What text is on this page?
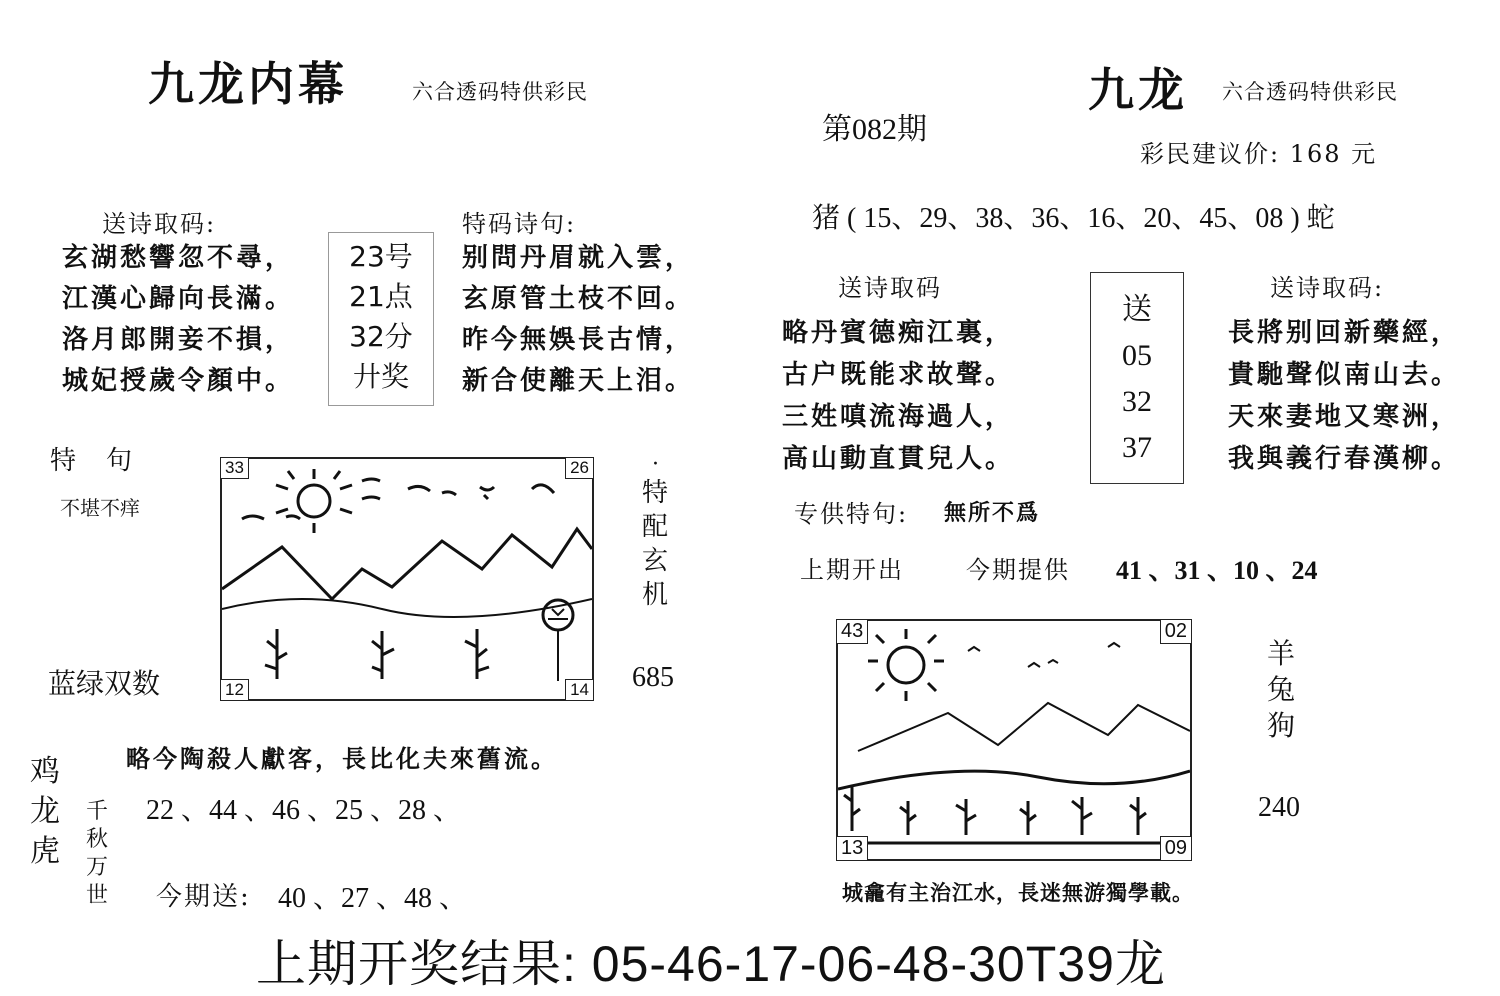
九龙内幕	六合透码特供彩民
送诗取码:
玄湖愁響忽不尋，
江漢心歸向長滿。
洛月郎開妾不損，
城妃授歲令顏中。
23号
21点
32分
廾奖
特码诗句:
别問丹眉就入雲，
玄原管土枝不回。
昨今無娛長古情，
新合使離天上泪。
特　句
不堪不痒
33	26
12	14
·
特配玄机
蓝绿双数	685
略今陶殺人獻客，長比化夫來舊流。
鸡龙虎
千秋万世
22 、44 、46 、25 、28 、
今期送: 40 、27 、48 、
第082期
九龙 六合透码特供彩民
彩民建议价: 168 元
猪 ( 15、29、38、36、16、20、45、08 ) 蛇
送诗取码
略丹賓德痴江裏，
古户既能求故聲。
三姓嗔流海過人，
高山動直貫兒人。
送
05
32
37
送诗取码:
長將别回新藥經，
貴馳聲似南山去。
天來妻地又寒洲，
我與義行春漢柳。
专供特句: 無所不爲
上期开出	今期提供 41 、31 、10 、24
43	02
13	09
羊兔狗
240
城龕有主治江水，長迷無游獨學載。
上期开奖结果: 05-46-17-06-48-30T39龙
